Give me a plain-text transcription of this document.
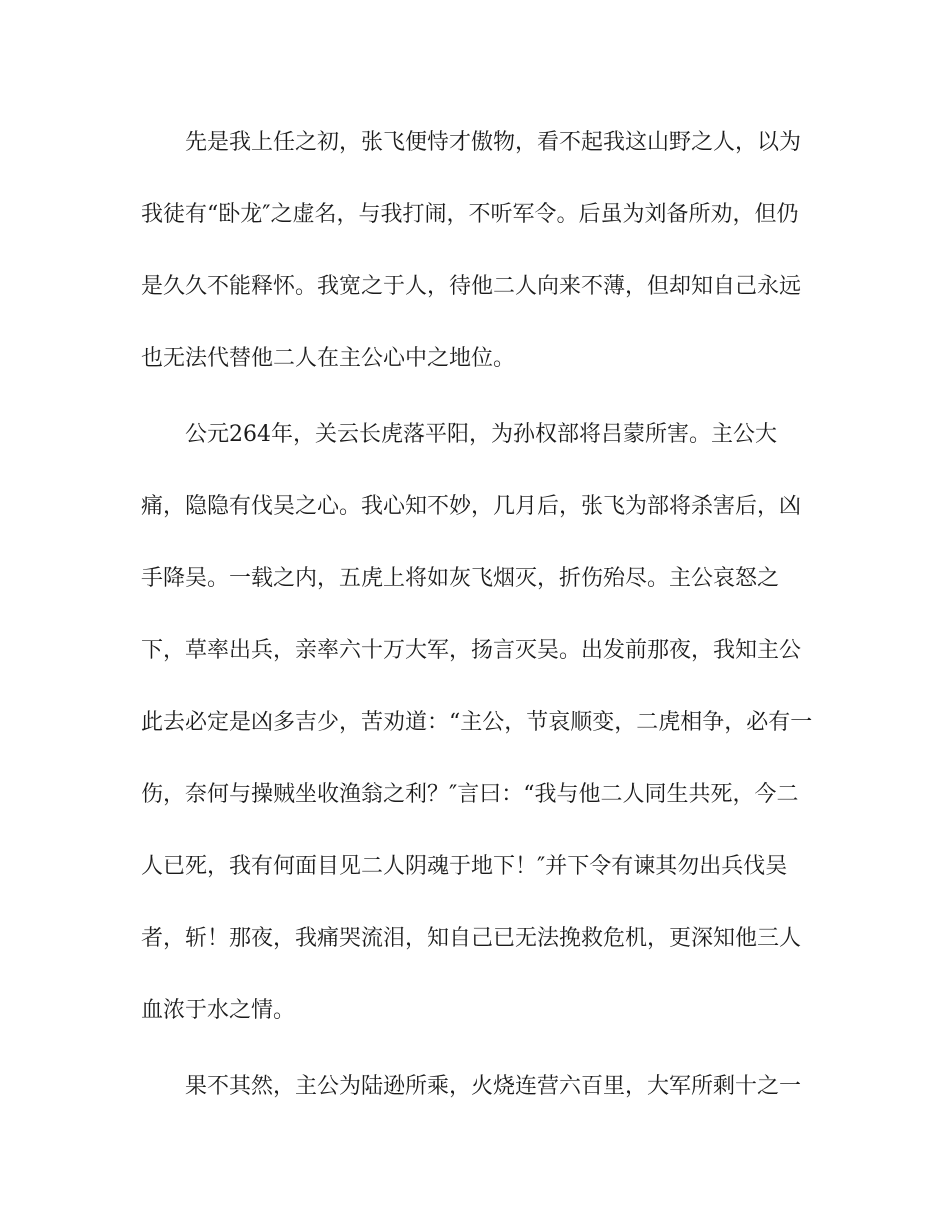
先是我上任之初，张飞便恃才傲物，看不起我这山野之人，以为
我徒有“卧龙″之虚名，与我打闹，不听军令。后虽为刘备所劝，但仍
是久久不能释怀。我宽之于人，待他二人向来不薄，但却知自己永远
也无法代替他二人在主公心中之地位。
公元264年，关云长虎落平阳，为孙权部将吕蒙所害。主公大
痛，隐隐有伐吴之心。我心知不妙，几月后，张飞为部将杀害后，凶
手降吴。一载之内，五虎上将如灰飞烟灭，折伤殆尽。主公哀怒之
下，草率出兵，亲率六十万大军，扬言灭吴。出发前那夜，我知主公
此去必定是凶多吉少，苦劝道：“主公，节哀顺变，二虎相争，必有一
伤，奈何与操贼坐收渔翁之利？″言曰：“我与他二人同生共死，今二
人已死，我有何面目见二人阴魂于地下！″并下令有谏其勿出兵伐吴
者，斩！那夜，我痛哭流泪，知自己已无法挽救危机，更深知他三人
血浓于水之情。
果不其然，主公为陆逊所乘，火烧连营六百里，大军所剩十之一
